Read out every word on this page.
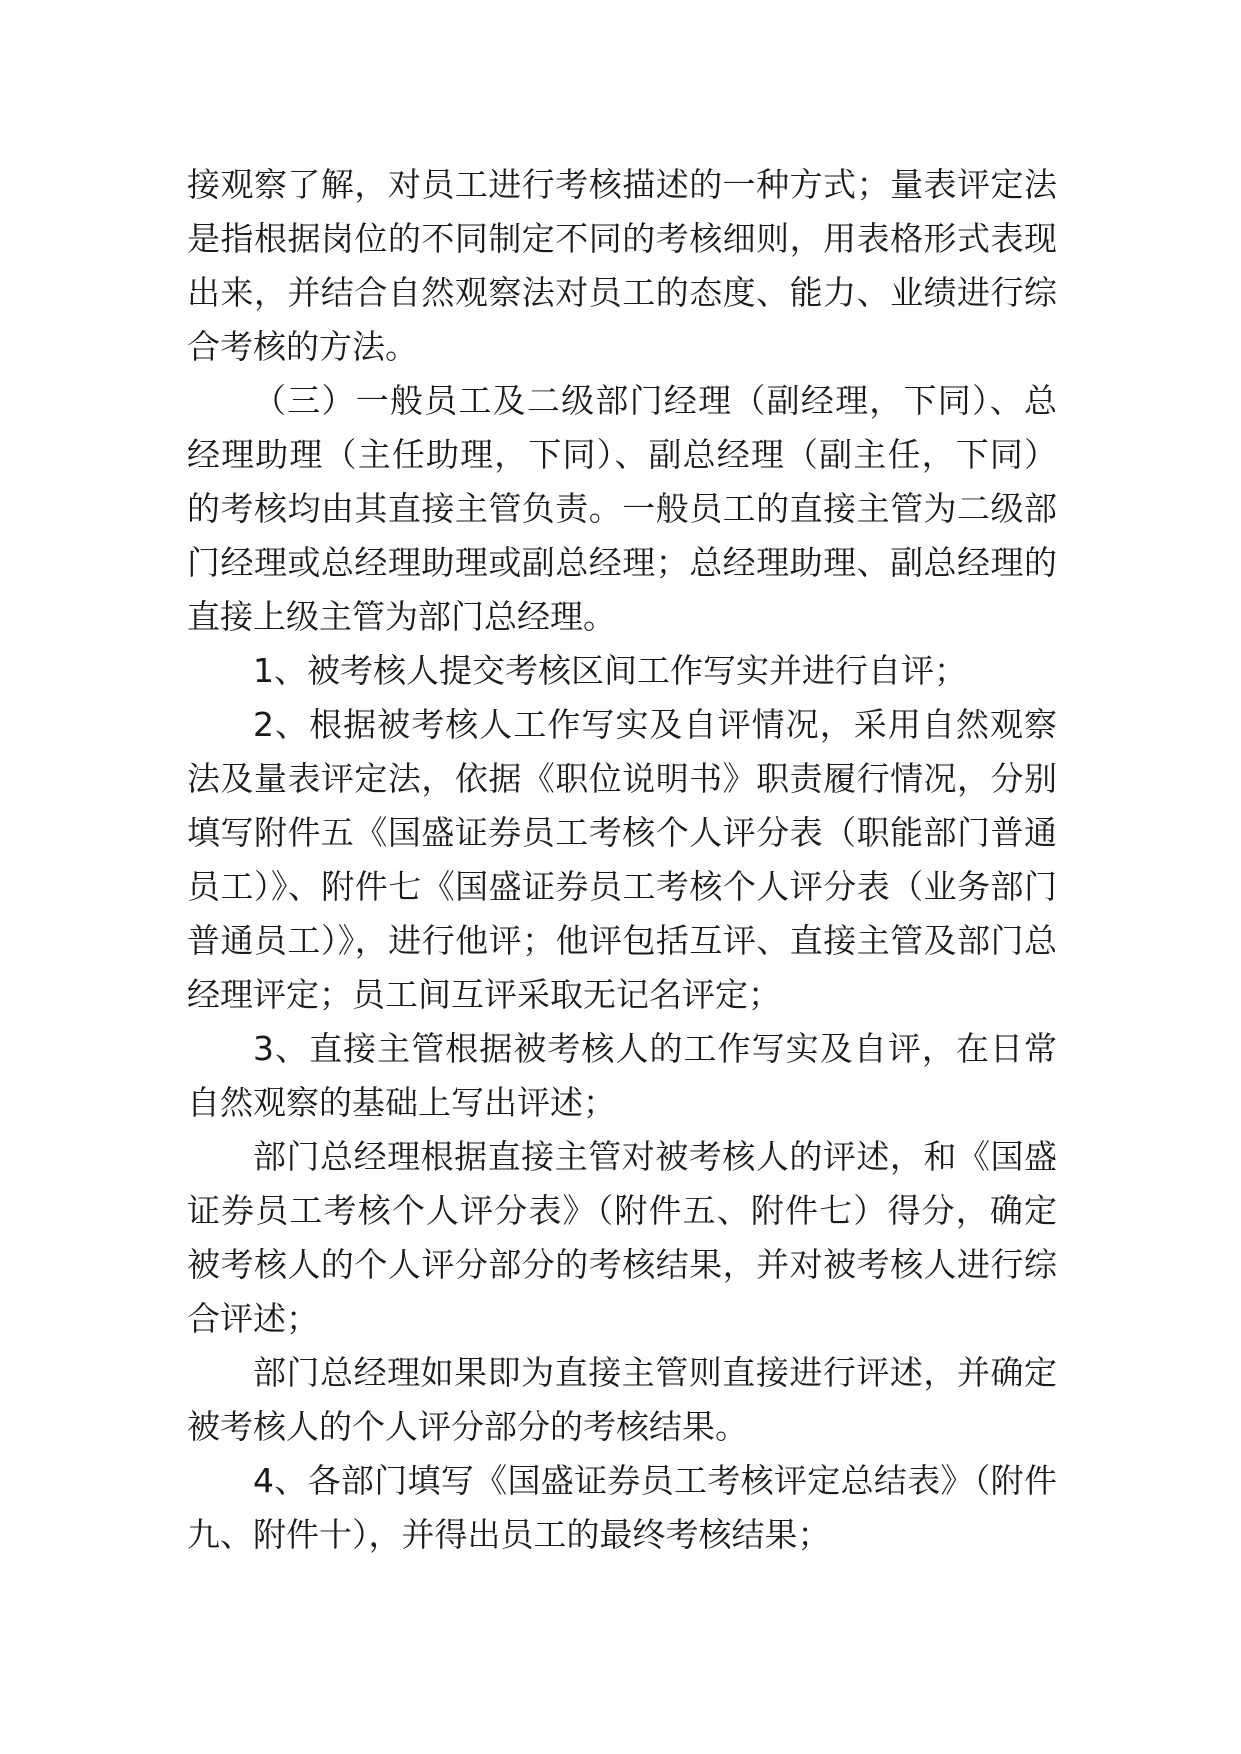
接观察了解，对员工进行考核描述的一种方式；量表评定法是指根据岗位的不同制定不同的考核细则，用表格形式表现出来，并结合自然观察法对员工的态度、能力、业绩进行综合考核的方法。

（三）一般员工及二级部门经理（副经理，下同）、总经理助理（主任助理，下同）、副总经理（副主任，下同）的考核均由其直接主管负责。一般员工的直接主管为二级部门经理或总经理助理或副总经理；总经理助理、副总经理的直接上级主管为部门总经理。

1、被考核人提交考核区间工作写实并进行自评；

2、根据被考核人工作写实及自评情况，采用自然观察法及量表评定法，依据《职位说明书》职责履行情况，分别填写附件五《国盛证券员工考核个人评分表（职能部门普通员工）》、附件七《国盛证券员工考核个人评分表（业务部门普通员工）》，进行他评；他评包括互评、直接主管及部门总经理评定；员工间互评采取无记名评定；

3、直接主管根据被考核人的工作写实及自评，在日常自然观察的基础上写出评述；

部门总经理根据直接主管对被考核人的评述，和《国盛证券员工考核个人评分表》（附件五、附件七）得分，确定被考核人的个人评分部分的考核结果，并对被考核人进行综合评述；

部门总经理如果即为直接主管则直接进行评述，并确定被考核人的个人评分部分的考核结果。

4、各部门填写《国盛证券员工考核评定总结表》（附件九、附件十），并得出员工的最终考核结果；
